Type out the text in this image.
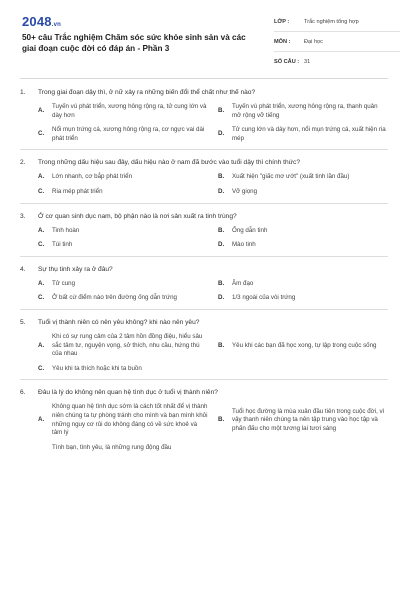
2048.vn
50+ câu Trắc nghiệm Chăm sóc sức khỏe sinh sản và các giai đoạn cuộc đời có đáp án - Phần 3
LỚP :	Trắc nghiệm tổng hợp
MÔN :	Đại học
SỐ CÂU : 31
1.	Trong giai đoạn dậy thì, ở nữ xảy ra những biến đổi thể chất như thế nào?
A.
Tuyến vú phát triển, xương hông rộng ra, tử cung lớn và dày hơn
B.
Tuyến vú phát triển, xương hông rộng ra, thanh quản mở rộng vỡ tiếng
C.
Nổi mụn trứng cá, xương hông rộng ra, cơ ngực vai dài phát triển
D.
Tử cung lớn và dày hơn, nổi mụn trứng cá, xuất hiện ria mép
2.	Trong những dấu hiệu sau đây, dấu hiệu nào ở nam đã bước vào tuổi dậy thì chính thức?
A.	Lớn nhanh, cơ bắp phát triển	B.	Xuất hiện "giấc mơ ướt" (xuất tinh lần đầu)
C.	Ria mép phát triển	D.	Vỡ giọng
3.	Ở cơ quan sinh dục nam, bộ phận nào là nơi sản xuất ra tinh trùng?
A.	Tinh hoàn	B.	Ống dẫn tinh
C.	Túi tinh	D.	Mào tinh
4.	Sự thụ tinh xảy ra ở đâu?
A.	Tử cung	B.	Âm đạo
C.	Ở bất cứ điểm nào trên đường ống dẫn trứng	D.	1/3 ngoài của vòi trứng
5.	Tuổi vị thành niên có nên yêu không? khi nào nên yêu?
A.
Khi có sự rung cảm của 2 tâm hồn đồng điệu, hiểu sâu sắc tâm tư, nguyện vọng, sở thích, nhu cầu, hứng thú của nhau
B.	Yêu khi các bạn đã học xong, tự lập trong cuộc sống
C.	Yêu khi ta thích hoặc khi ta buồn
6.	Đâu là lý do không nên quan hệ tình dục ở tuổi vị thành niên?
A.
Không quan hệ tình dục sớm là cách tốt nhất để vị thành niên chúng ta tự phòng tránh cho mình và bạn mình khỏi những nguy cơ rủi do không đáng có về sức khoẻ và tâm lý
B.
Tuổi học đường là mùa xuân đầu tiên trong cuộc đời, vì vậy thanh niên chúng ta nên tập trung vào học tập và phấn đấu cho một tương lai tươi sáng
Tình bạn, tình yêu, là những rung động đầu
